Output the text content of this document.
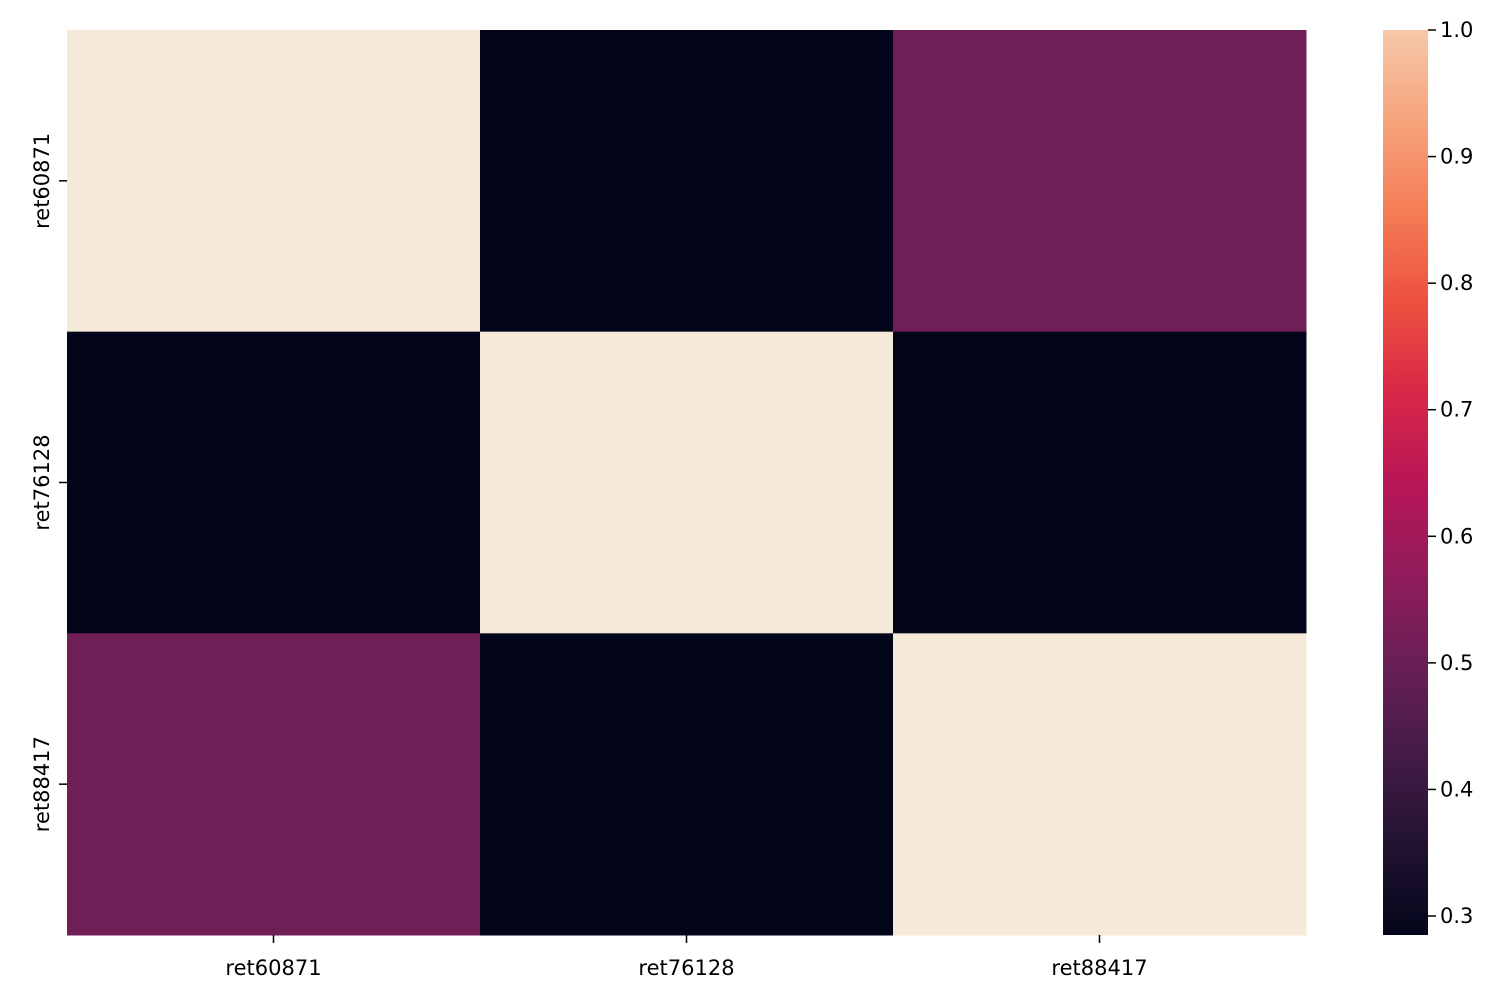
ret60871	ret76128	ret88417
ret60871
ret76128
ret88417
0.3
0.4
0.5
0.6
0.7
0.8
0.9
1.0
